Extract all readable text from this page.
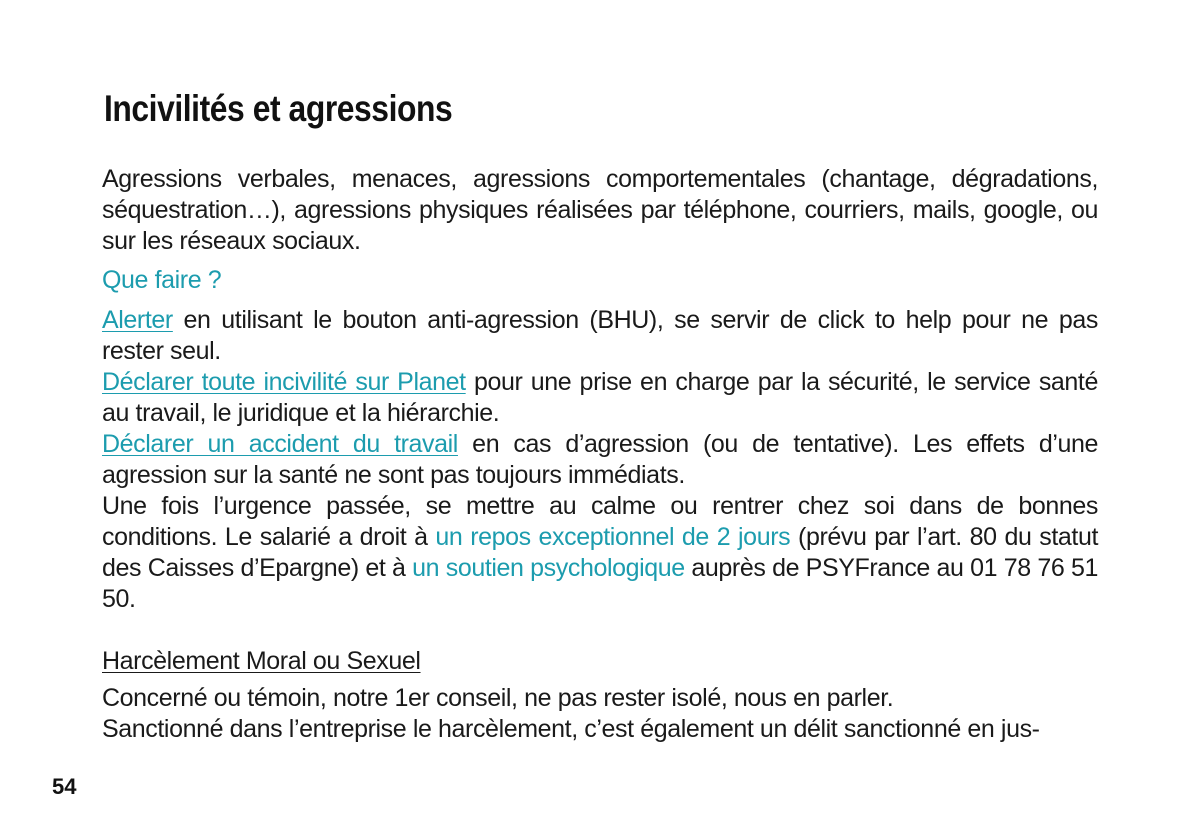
Incivilités et agressions

Agressions verbales, menaces, agressions comportementales (chantage, dégradations, séquestration…), agressions physiques réalisées par téléphone, courriers, mails, google, ou sur les réseaux sociaux.

Que faire ?

Alerter en utilisant le bouton anti-agression (BHU), se servir de click to help pour ne pas rester seul.

Déclarer toute incivilité sur Planet pour une prise en charge par la sécurité, le service santé au travail, le juridique et la hiérarchie.

Déclarer un accident du travail en cas d’agression (ou de tentative). Les effets d’une agression sur la santé ne sont pas toujours immédiats.

Une fois l’urgence passée, se mettre au calme ou rentrer chez soi dans de bonnes conditions. Le salarié a droit à un repos exceptionnel de 2 jours (prévu par l’art. 80 du statut des Caisses d’Epargne) et à un soutien psychologique auprès de PSYFrance au 01 78 76 51 50.

Harcèlement Moral ou Sexuel

Concerné ou témoin, notre 1er conseil, ne pas rester isolé, nous en parler.

Sanctionné dans l’entreprise le harcèlement, c’est également un délit sanctionné en jus-

54
